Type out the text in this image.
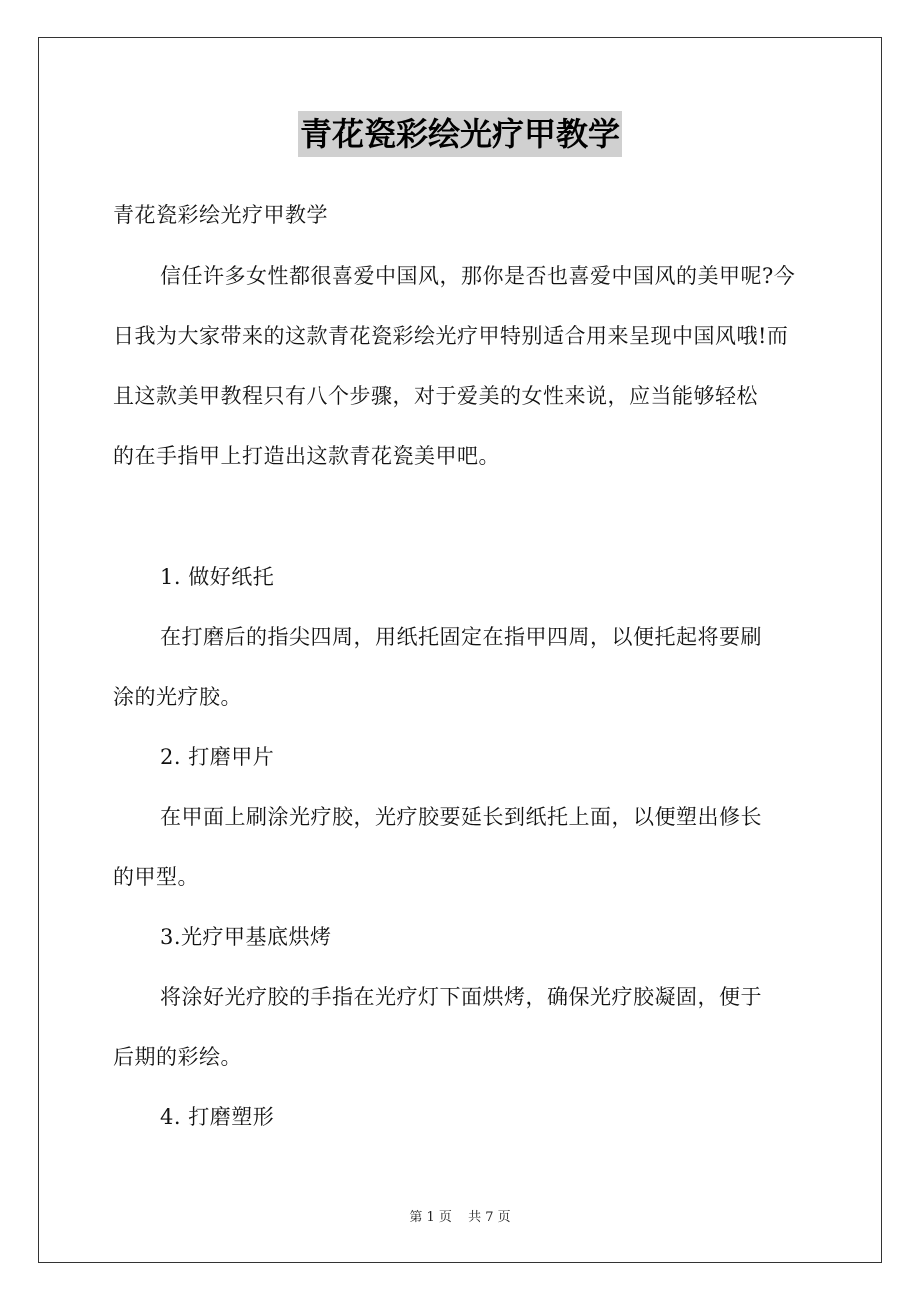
青花瓷彩绘光疗甲教学
青花瓷彩绘光疗甲教学
信任许多女性都很喜爱中国风，那你是否也喜爱中国风的美甲呢?今
日我为大家带来的这款青花瓷彩绘光疗甲特别适合用来呈现中国风哦!而
且这款美甲教程只有八个步骤，对于爱美的女性来说，应当能够轻松
的在手指甲上打造出这款青花瓷美甲吧。
1. 做好纸托
在打磨后的指尖四周，用纸托固定在指甲四周，以便托起将要刷
涂的光疗胶。
2. 打磨甲片
在甲面上刷涂光疗胶，光疗胶要延长到纸托上面，以便塑出修长
的甲型。
3.光疗甲基底烘烤
将涂好光疗胶的手指在光疗灯下面烘烤，确保光疗胶凝固，便于
后期的彩绘。
4. 打磨塑形
第 1 页 共 7 页
